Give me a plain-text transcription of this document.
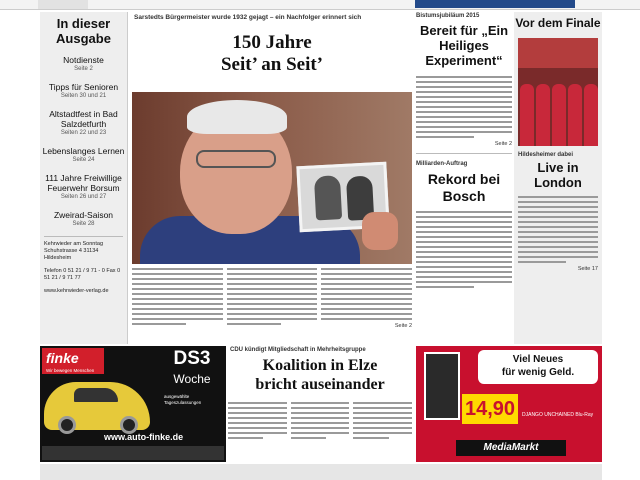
In dieser Ausgabe
Notdienste
Seite 2
Tipps für Senioren
Seiten 30 und 21
Altstadtfest in Bad Salzdetfurth
Seiten 22 und 23
Lebenslanges Lernen
Seite 24
111 Jahre Freiwillige Feuerwehr Borsum
Seiten 26 und 27
Zweirad-Saison
Seite 28
Kehrwieder am Sonntag Schuhstrasse 4 31134 Hildesheim
Telefon 0 51 21 / 9 71 - 0 Fax 0 51 21 / 9 71 77
www.kehrwieder-verlag.de
Sarstedts Bürgermeister wurde 1932 gejagt – ein Nachfolger erinnert sich
150 Jahre
Seit’ an Seit’
Seite 2
Bistumsjubiläum 2015
Bereit für „Ein Heiliges Experiment“
Seite 2
Milliarden-Auftrag
Rekord bei Bosch
Vor dem Finale
Hildesheimer dabei
Live in London
Seite 17
finke
Wir bewegen Menschen
DS3
Woche
ausgewählte Tageszulassungen
www.auto-finke.de
CDU kündigt Mitgliedschaft in Mehrheitsgruppe
Koalition in Elze
bricht auseinander
Viel Neues
für wenig Geld.
14,90	DJANGO UNCHAINED Blu-Ray
MediaMarkt
